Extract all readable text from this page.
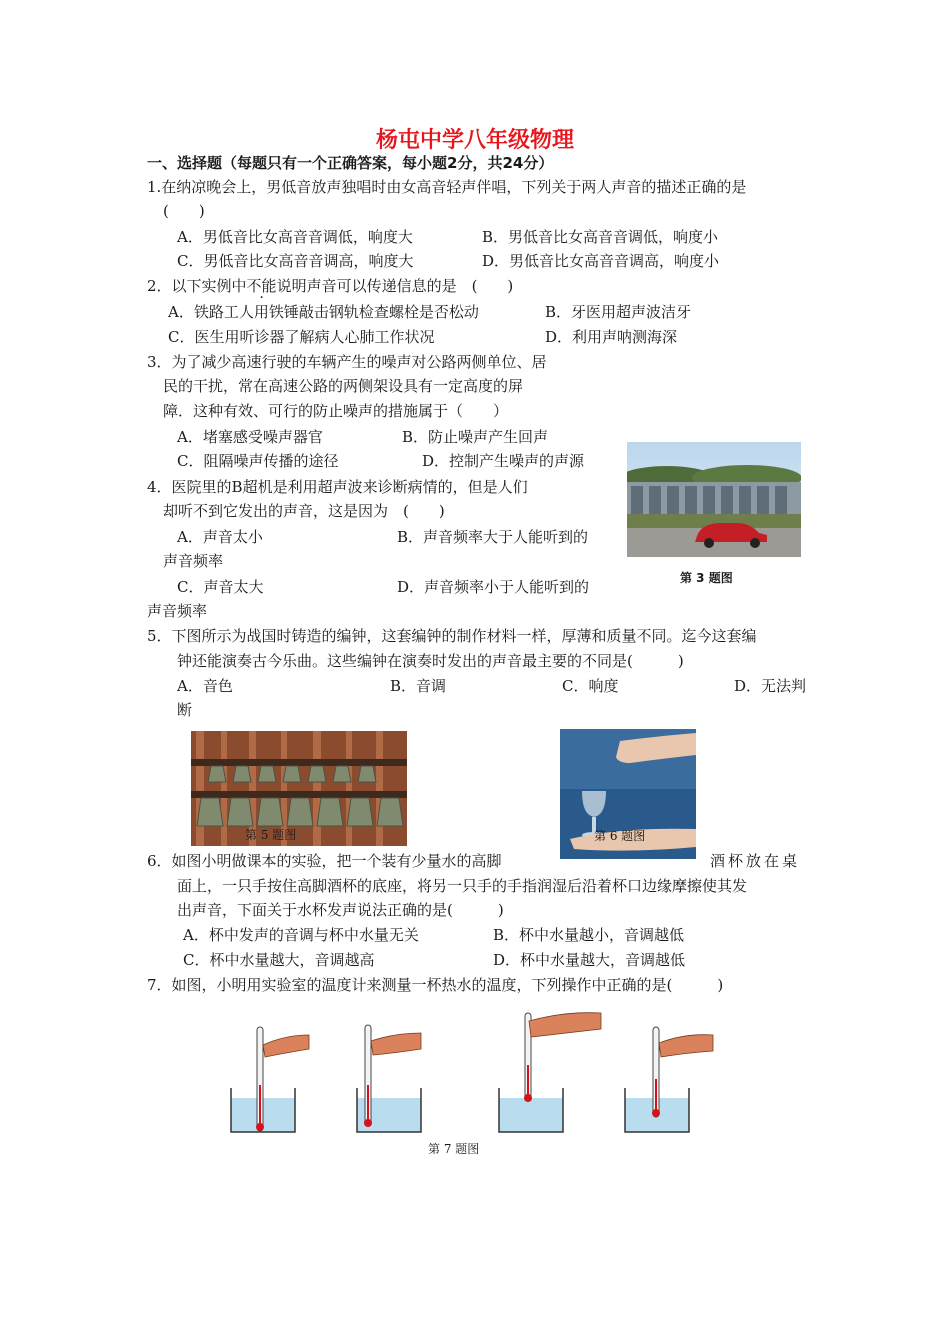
杨屯中学八年级物理
一、选择题（每题只有一个正确答案，每小题2分，共24分）
1.在纳凉晚会上，男低音放声独唱时由女高音轻声伴唱，下列关于两人声音的描述正确的是
(　　)
A．男低音比女高音音调低，响度大	B．男低音比女高音音调低，响度小
C．男低音比女高音音调高，响度大	D．男低音比女高音音调高，响度小
2．以下实例中不能说明声音可以传递信息的是　(　　)
A．铁路工人用铁锤敲击钢轨检查螺栓是否松动	B．牙医用超声波洁牙
C．医生用听诊器了解病人心肺工作状况	D．利用声呐测海深
3．为了减少高速行驶的车辆产生的噪声对公路两侧单位、居
民的干扰，常在高速公路的两侧架设具有一定高度的屏
障．这种有效、可行的防止噪声的措施属于（　　）
A．堵塞感受噪声器官	B．防止噪声产生回声
C．阻隔噪声传播的途径	D．控制产生噪声的声源
第 3 题图
4．医院里的B超机是利用超声波来诊断病情的，但是人们
却听不到它发出的声音，这是因为　(　　)
A．声音太小	B．声音频率大于人能听到的
声音频率
C．声音太大	D．声音频率小于人能听到的
声音频率
5．下图所示为战国时铸造的编钟，这套编钟的制作材料一样，厚薄和质量不同。迄今这套编
钟还能演奏古今乐曲。这些编钟在演奏时发出的声音最主要的不同是(　　　)
A．音色	B．音调	C．响度	D．无法判
断
第 5 题图	第 6 题图
6．如图小明做课本的实验，把一个装有少量水的高脚	酒杯放在桌
面上，一只手按住高脚酒杯的底座，将另一只手的手指润湿后沿着杯口边缘摩擦使其发
出声音，下面关于水杯发声说法正确的是(　　　)
A．杯中发声的音调与杯中水量无关	B．杯中水量越小，音调越低
C．杯中水量越大，音调越高	D．杯中水量越大，音调越低
7．如图，小明用实验室的温度计来测量一杯热水的温度，下列操作中正确的是(　　　)
第 7 题图
